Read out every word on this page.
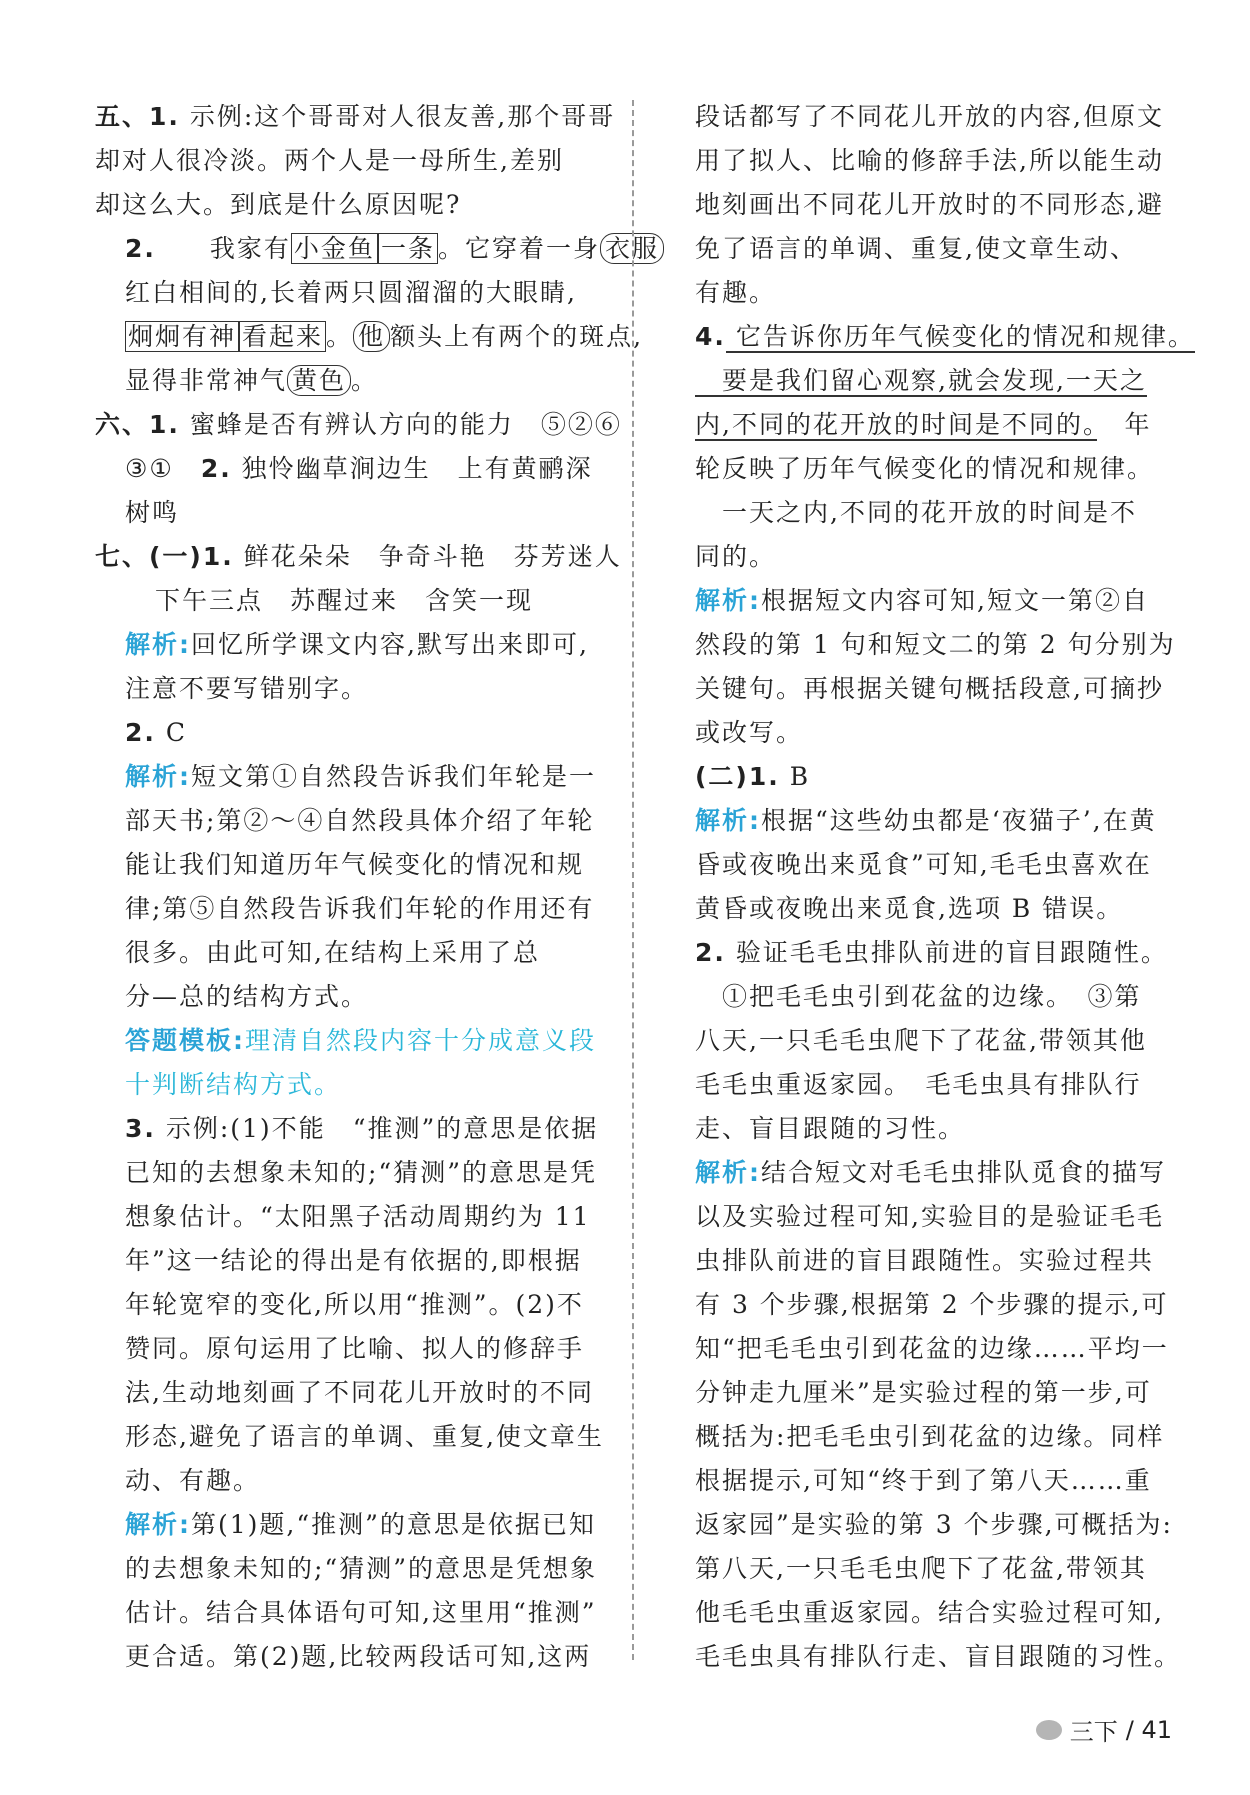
五、1. 示例:这个哥哥对人很友善,那个哥哥
却对人很冷淡。两个人是一母所生,差别
却这么大。到底是什么原因呢?
2.　　我家有 小金鱼 一条 。它穿着一身 衣服
红白相间的,长着两只圆溜溜的大眼睛,
炯炯有神 看起来 。 他 额头上有两个的斑点,
显得非常神气 黄色 。
六、1. 蜜蜂是否有辨认方向的能力　⑤②⑥
③①　2. 独怜幽草涧边生　上有黄鹂深
树鸣
七、(一)1. 鲜花朵朵　争奇斗艳　芬芳迷人
下午三点　苏醒过来　含笑一现
解析:回忆所学课文内容,默写出来即可,
注意不要写错别字。
2. C
解析:短文第①自然段告诉我们年轮是一
部天书;第②～④自然段具体介绍了年轮
能让我们知道历年气候变化的情况和规
律;第⑤自然段告诉我们年轮的作用还有
很多。由此可知,在结构上采用了总
分—总的结构方式。
答题模板:理清自然段内容十分成意义段
十判断结构方式。
3. 示例:(1)不能　“推测”的意思是依据
已知的去想象未知的;“猜测”的意思是凭
想象估计。“太阳黑子活动周期约为 11
年”这一结论的得出是有依据的,即根据
年轮宽窄的变化,所以用“推测”。(2)不
赞同。原句运用了比喻、拟人的修辞手
法,生动地刻画了不同花儿开放时的不同
形态,避免了语言的单调、重复,使文章生
动、有趣。
解析:第(1)题,“推测”的意思是依据已知
的去想象未知的;“猜测”的意思是凭想象
估计。结合具体语句可知,这里用“推测”
更合适。第(2)题,比较两段话可知,这两
段话都写了不同花儿开放的内容,但原文
用了拟人、比喻的修辞手法,所以能生动
地刻画出不同花儿开放时的不同形态,避
免了语言的单调、重复,使文章生动、
有趣。
4. 它告诉你历年气候变化的情况和规律。
　要是我们留心观察,就会发现,一天之
内,不同的花开放的时间是不同的。　年
轮反映了历年气候变化的情况和规律。
　一天之内,不同的花开放的时间是不
同的。
解析:根据短文内容可知,短文一第②自
然段的第 1 句和短文二的第 2 句分别为
关键句。再根据关键句概括段意,可摘抄
或改写。
(二)1. B
解析:根据“这些幼虫都是‘夜猫子’,在黄
昏或夜晚出来觅食”可知,毛毛虫喜欢在
黄昏或夜晚出来觅食,选项 B 错误。
2. 验证毛毛虫排队前进的盲目跟随性。
　①把毛毛虫引到花盆的边缘。　③第
八天,一只毛毛虫爬下了花盆,带领其他
毛毛虫重返家园。　毛毛虫具有排队行
走、盲目跟随的习性。
解析:结合短文对毛毛虫排队觅食的描写
以及实验过程可知,实验目的是验证毛毛
虫排队前进的盲目跟随性。实验过程共
有 3 个步骤,根据第 2 个步骤的提示,可
知“把毛毛虫引到花盆的边缘……平均一
分钟走九厘米”是实验过程的第一步,可
概括为:把毛毛虫引到花盆的边缘。同样
根据提示,可知“终于到了第八天……重
返家园”是实验的第 3 个步骤,可概括为:
第八天,一只毛毛虫爬下了花盆,带领其
他毛毛虫重返家园。结合实验过程可知,
毛毛虫具有排队行走、盲目跟随的习性。
三下 / 41
